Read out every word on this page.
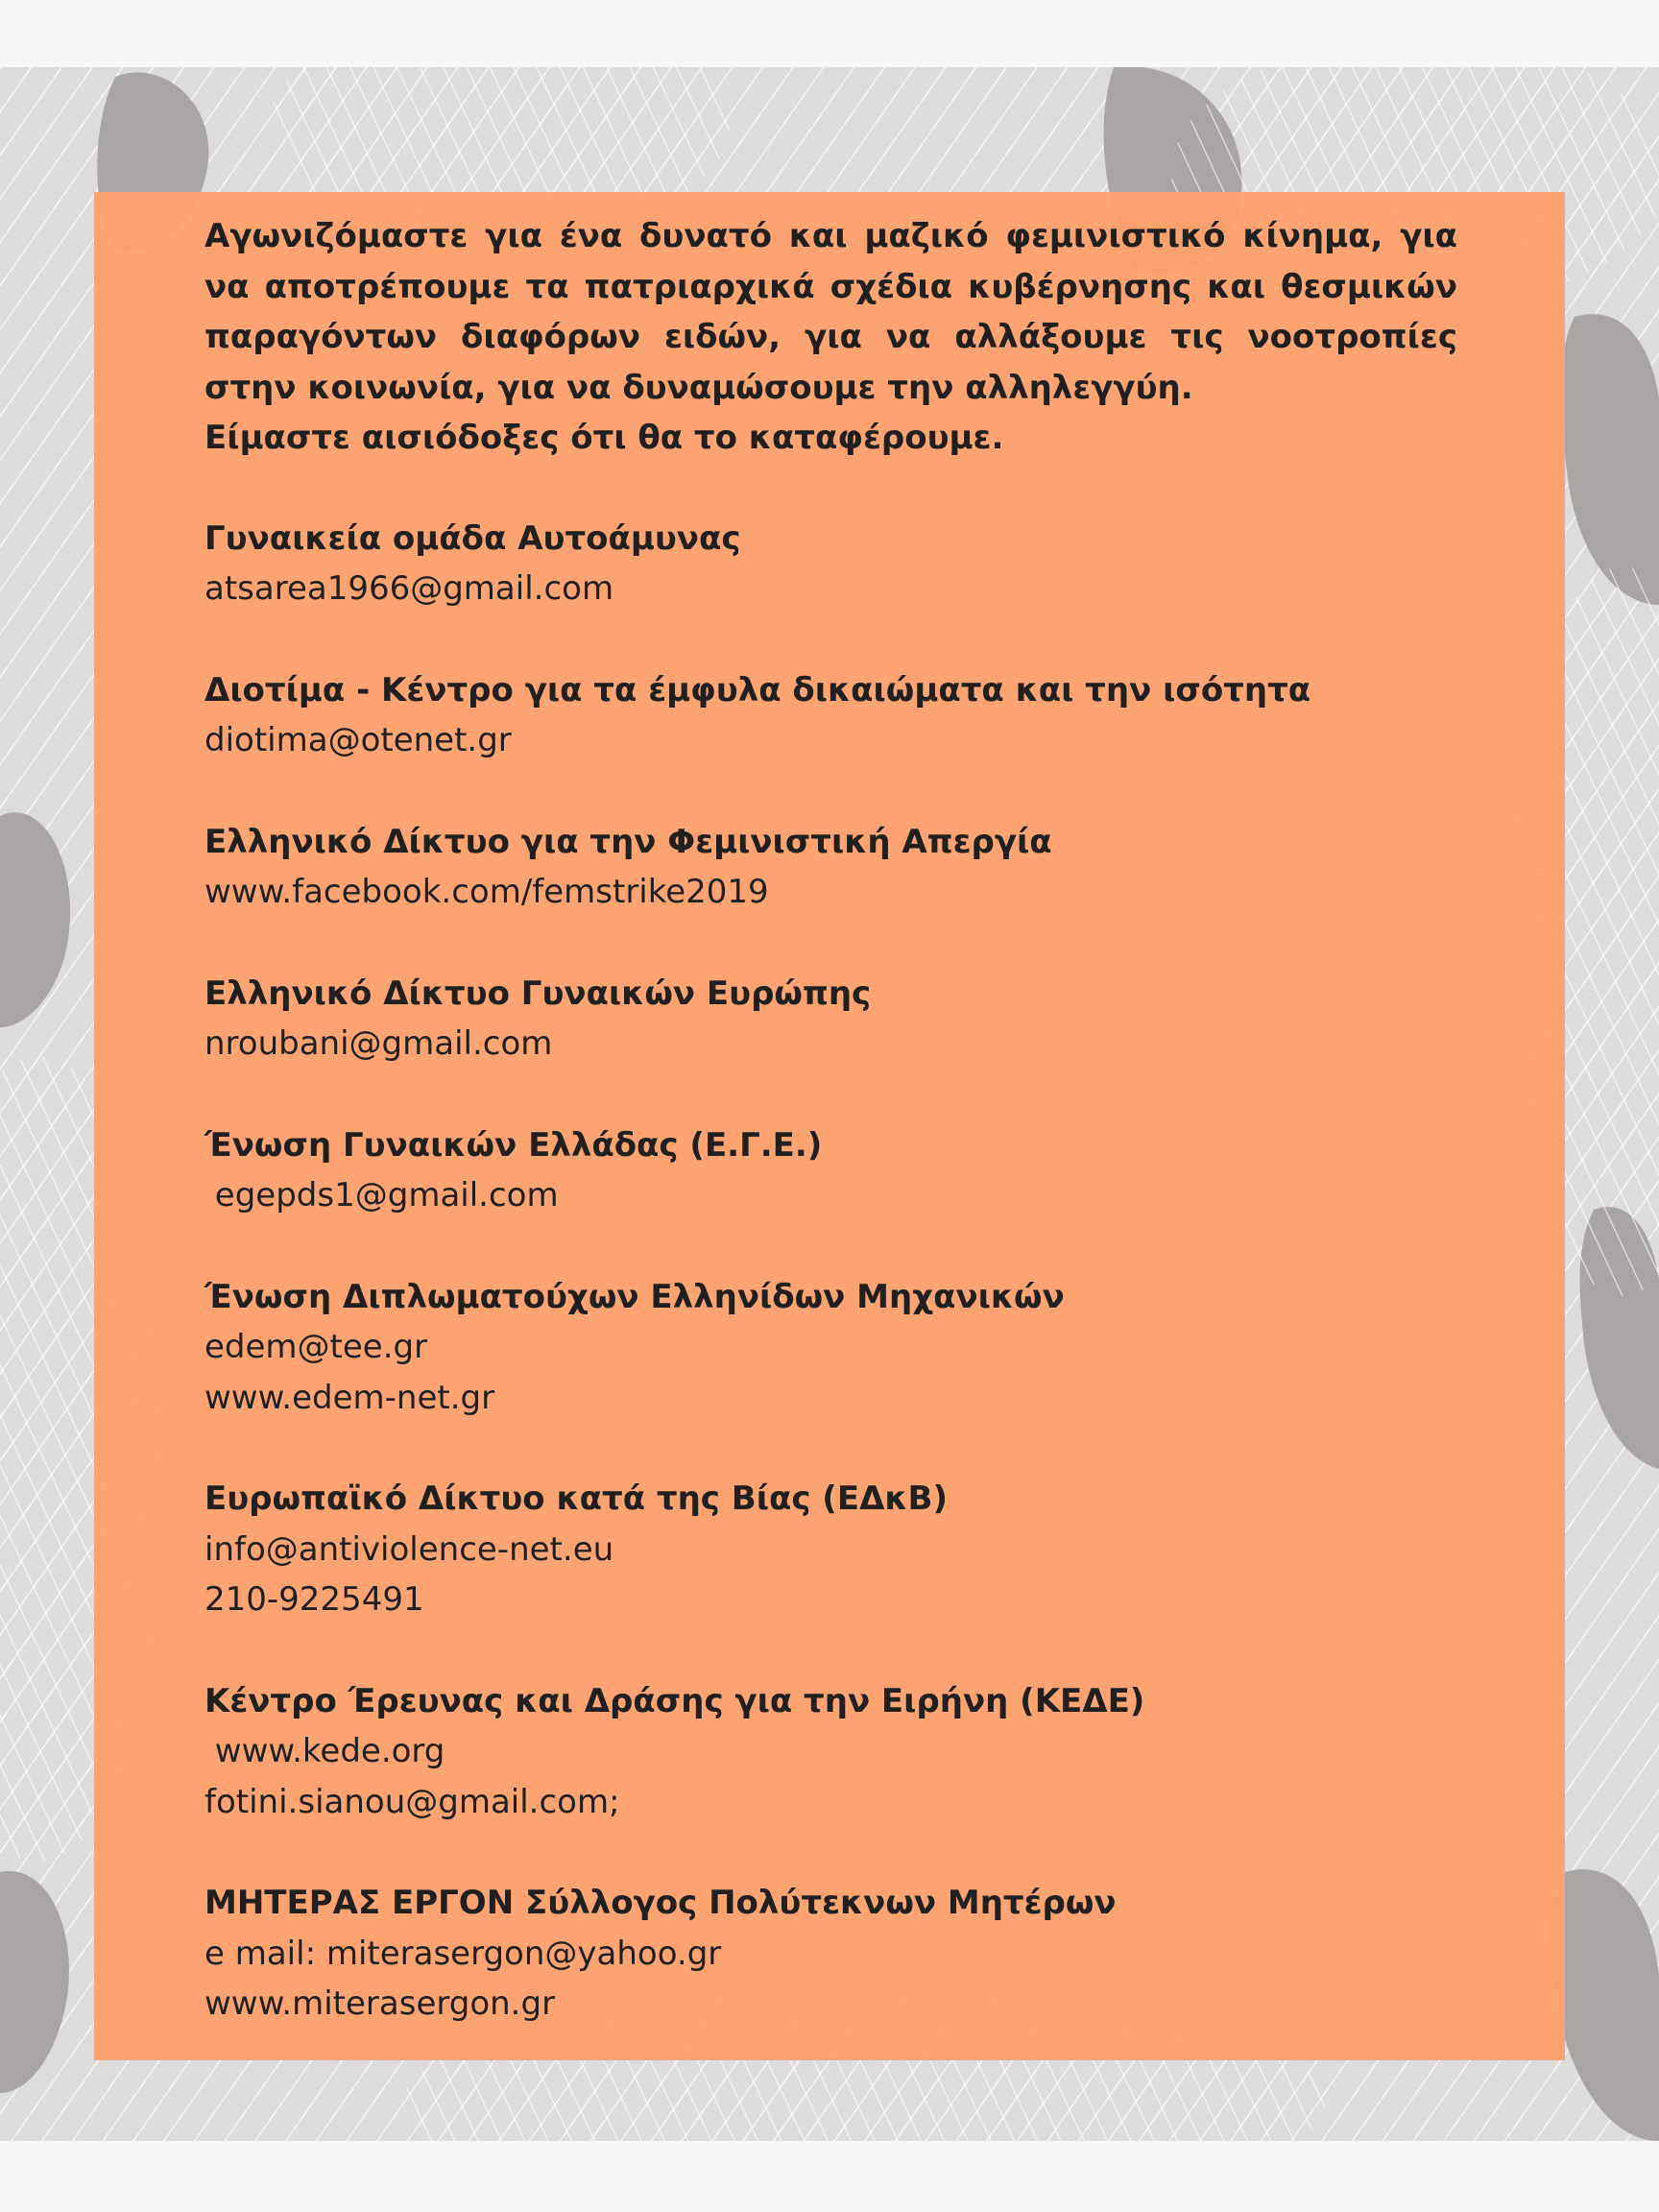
Αγωνιζόμαστε για ένα δυνατό και μαζικό φεμινιστικό κίνημα, για να αποτρέπουμε τα πατριαρχικά σχέδια κυβέρνησης και θεσμικών παραγόντων διαφόρων ειδών, για να αλλάξουμε τις νοοτροπίες στην κοινωνία, για να δυναμώσουμε την αλληλεγγύη.
Είμαστε αισιόδοξες ότι θα το καταφέρουμε.

Γυναικεία ομάδα Αυτοάμυνας
atsarea1966@gmail.com
Διοτίμα - Κέντρο για τα έμφυλα δικαιώματα και την ισότητα
diotima@otenet.gr
Ελληνικό Δίκτυο για την Φεμινιστική Απεργία
www.facebook.com/femstrike2019
Ελληνικό Δίκτυο Γυναικών Ευρώπης
nroubani@gmail.com
Ένωση Γυναικών Ελλάδας (Ε.Γ.Ε.)
egepds1@gmail.com
Ένωση Διπλωματούχων Ελληνίδων Μηχανικών
edem@tee.gr
www.edem-net.gr
Ευρωπαϊκό Δίκτυο κατά της Βίας (ΕΔκΒ)
info@antiviolence-net.eu
210-9225491
Κέντρο Έρευνας και Δράσης για την Ειρήνη (ΚΕΔΕ)
www.kede.org
fotini.sianou@gmail.com;
ΜΗΤΕΡΑΣ ΕΡΓΟΝ Σύλλογος Πολύτεκνων Μητέρων
e mail: miterasergon@yahoo.gr
www.miterasergon.gr
